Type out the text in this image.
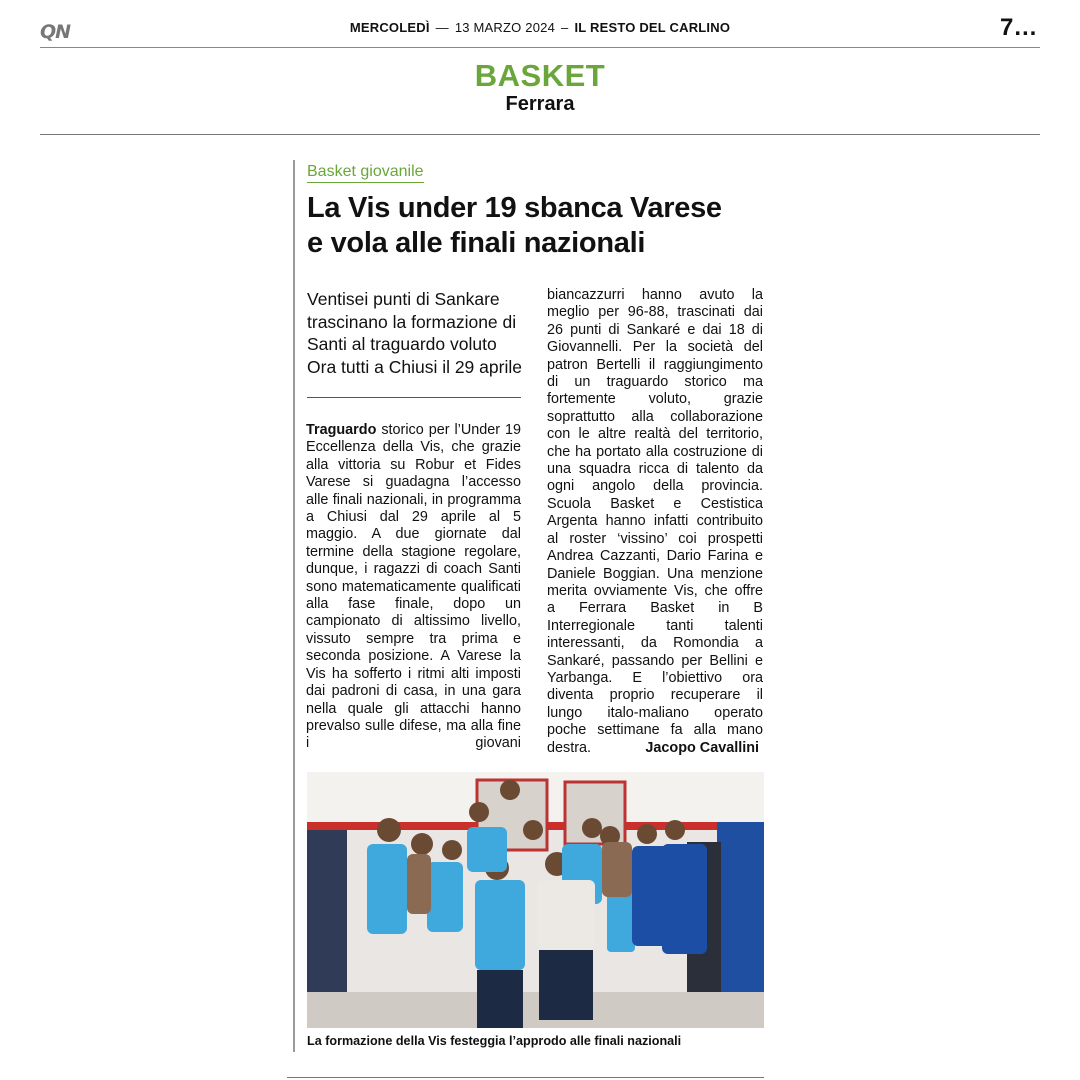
QN	MERCOLEDÌ — 13 MARZO 2024 – IL RESTO DEL CARLINO	7…
BASKET
Ferrara
Basket giovanile
La Vis under 19 sbanca Varese
e vola alle finali nazionali
Ventisei punti di Sankare trascinano la formazione di Santi al traguardo voluto Ora tutti a Chiusi il 29 aprile
Traguardo storico per l’Under 19 Eccellenza della Vis, che grazie alla vittoria su Robur et Fides Varese si guadagna l’accesso alle finali nazionali, in programma a Chiusi dal 29 aprile al 5 maggio. A due giornate dal termine della stagione regolare, dunque, i ragazzi di coach Santi sono matematicamente qualificati alla fase finale, dopo un campionato di altissimo livello, vissuto sempre tra prima e seconda posizione. A Varese la Vis ha sofferto i ritmi alti imposti dai padroni di casa, in una gara nella quale gli attacchi hanno prevalso sulle difese, ma alla fine i giovani
biancazzurri hanno avuto la meglio per 96-88, trascinati dai 26 punti di Sankaré e dai 18 di Giovannelli. Per la società del patron Bertelli il raggiungimento di un traguardo storico ma fortemente voluto, grazie soprattutto alla collaborazione con le altre realtà del territorio, che ha portato alla costruzione di una squadra ricca di talento da ogni angolo della provincia. Scuola Basket e Cestistica Argenta hanno infatti contribuito al roster ‘vissino’ coi prospetti Andrea Cazzanti, Dario Farina e Daniele Boggian. Una menzione merita ovviamente Vis, che offre a Ferrara Basket in B Interregionale tanti talenti interessanti, da Romondia a Sankaré, passando per Bellini e Yarbanga. E l’obiettivo ora diventa proprio recuperare il lungo italo-maliano operato poche settimane fa alla mano destra.	Jacopo Cavallini
La formazione della Vis festeggia l’approdo alle finali nazionali
